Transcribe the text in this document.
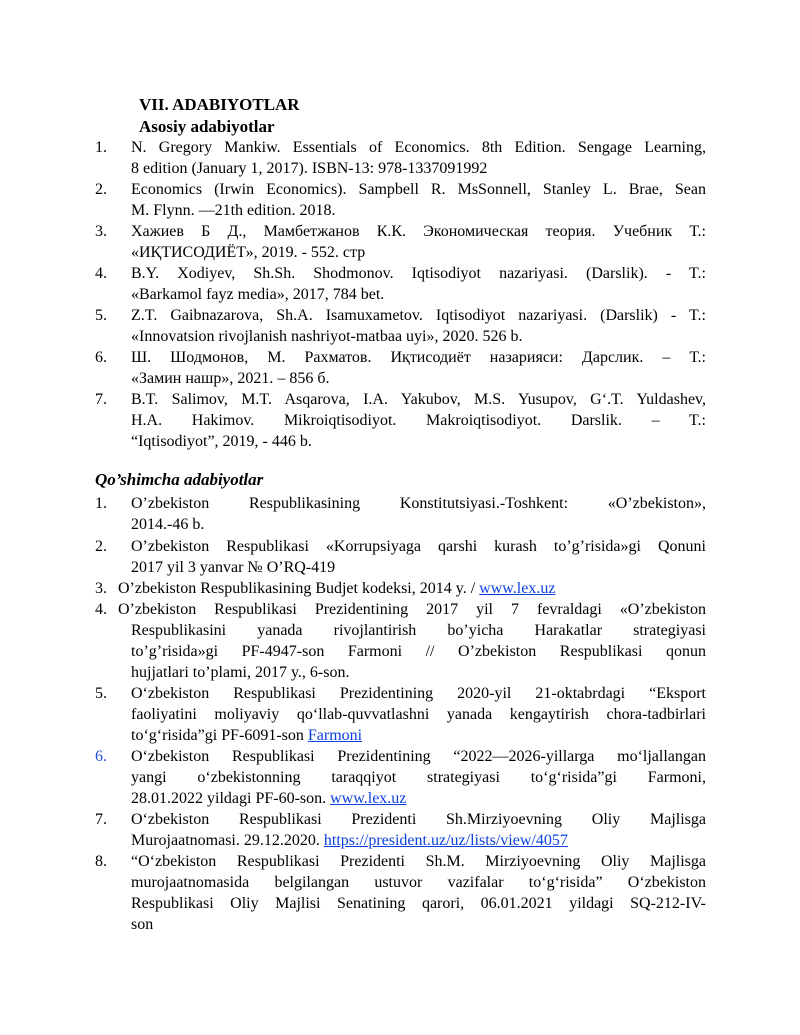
VII. ADABIYOTLAR
Asosiy adabiyotlar
1. N. Gregory Mankiw. Essentials of Economics. 8th Edition. Sengage Learning,
8 edition (January 1, 2017). ISBN-13: 978-1337091992
2. Economics (Irwin Economics). Sampbell R. MsSonnell, Stanley L. Brae, Sean
M. Flynn. —21th edition. 2018.
3. Хажиев Б Д., Мамбетжанов К.К. Экономическая теория. Учебник Т.:
«ИҚТИСОДИЁТ», 2019. - 552. стр
4. B.Y. Xodiyev, Sh.Sh. Shodmonov. Iqtisodiyot nazariyasi. (Darslik). - T.:
«Barkamol fayz media», 2017, 784 bet.
5. Z.T. Gaibnazarova, Sh.A. Isamuxametov. Iqtisodiyot nazariyasi. (Darslik) - T.:
«Innovatsion rivojlanish nashriyot-matbaa uyi», 2020. 526 b.
6. Ш. Шодмонов, М. Рахматов. Иқтисодиёт назарияси: Дарслик. – Т.:
«Замин нашр», 2021. – 856 б.
7. B.T. Salimov, M.T. Asqarova, I.A. Yakubov, M.S. Yusupov, G‘.T. Yuldashev,
H.A. Hakimov. Mikroiqtisodiyot. Makroiqtisodiyot. Darslik. – T.:
“Iqtisodiyot”, 2019, - 446 b.
Qo’shimcha adabiyotlar
1. O’zbekiston Respublikasining Konstitutsiyasi.-Toshkent: «O’zbekiston»,
2014.-46 b.
2. O’zbekiston Respublikasi «Korrupsiyaga qarshi kurash to’g’risida»gi Qonuni
2017 yil 3 yanvar № O’RQ-419
3. O’zbekiston Respublikasining Budjet kodeksi, 2014 y. / www.lex.uz
4. O’zbekiston Respublikasi Prezidentining 2017 yil 7 fevraldagi «O’zbekiston
Respublikasini yanada rivojlantirish bo’yicha Harakatlar strategiyasi
to’g’risida»gi PF-4947-son Farmoni // O’zbekiston Respublikasi qonun
hujjatlari to’plami, 2017 y., 6-son.
5. O‘zbekiston Respublikasi Prezidentining 2020-yil 21-oktabrdagi “Eksport
faoliyatini moliyaviy qo‘llab-quvvatlashni yanada kengaytirish chora-tadbirlari
to‘g‘risida”gi PF-6091-son Farmoni
6. O‘zbekiston Respublikasi Prezidentining “2022—2026-yillarga mo‘ljallangan
yangi o‘zbekistonning taraqqiyot strategiyasi to‘g‘risida”gi Farmoni,
28.01.2022 yildagi PF-60-son. www.lex.uz
7. O‘zbekiston Respublikasi Prezidenti Sh.Mirziyoevning Oliy Majlisga
Murojaatnomasi. 29.12.2020. https://president.uz/uz/lists/view/4057
8. “O‘zbekiston Respublikasi Prezidenti Sh.M. Mirziyoevning Oliy Majlisga
murojaatnomasida belgilangan ustuvor vazifalar to‘g‘risida” O‘zbekiston
Respublikasi Oliy Majlisi Senatining qarori, 06.01.2021 yildagi SQ-212-IV-
son
